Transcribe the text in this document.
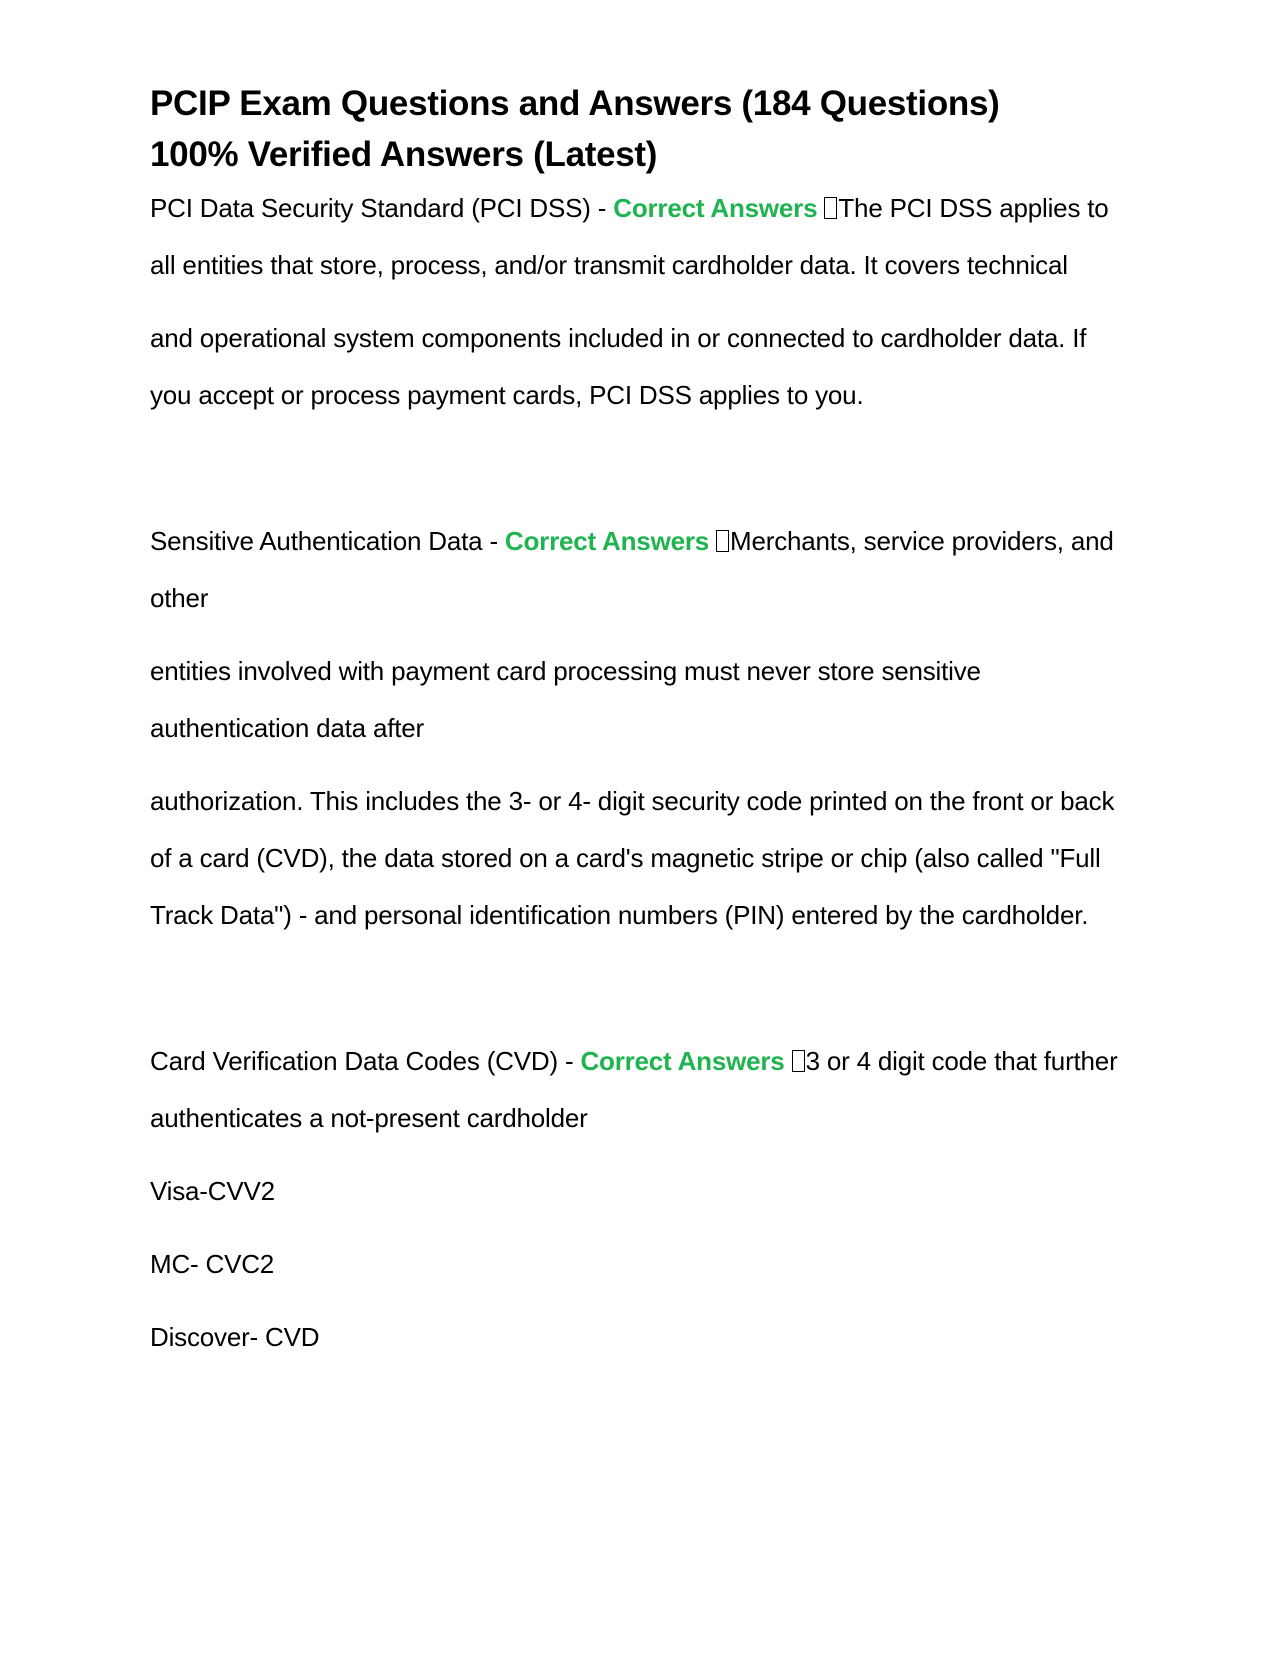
PCIP Exam Questions and Answers (184 Questions)
100% Verified Answers (Latest)

PCI Data Security Standard (PCI DSS) - Correct Answers The PCI DSS applies to all entities that store, process, and/or transmit cardholder data. It covers technical

and operational system components included in or connected to cardholder data. If you accept or process payment cards, PCI DSS applies to you.

Sensitive Authentication Data - Correct Answers Merchants, service providers, and other

entities involved with payment card processing must never store sensitive authentication data after

authorization. This includes the 3- or 4- digit security code printed on the front or back of a card (CVD), the data stored on a card's magnetic stripe or chip (also called "Full Track Data") - and personal identification numbers (PIN) entered by the cardholder.

Card Verification Data Codes (CVD) - Correct Answers 3 or 4 digit code that further authenticates a not-present cardholder

Visa-CVV2

MC- CVC2

Discover- CVD
